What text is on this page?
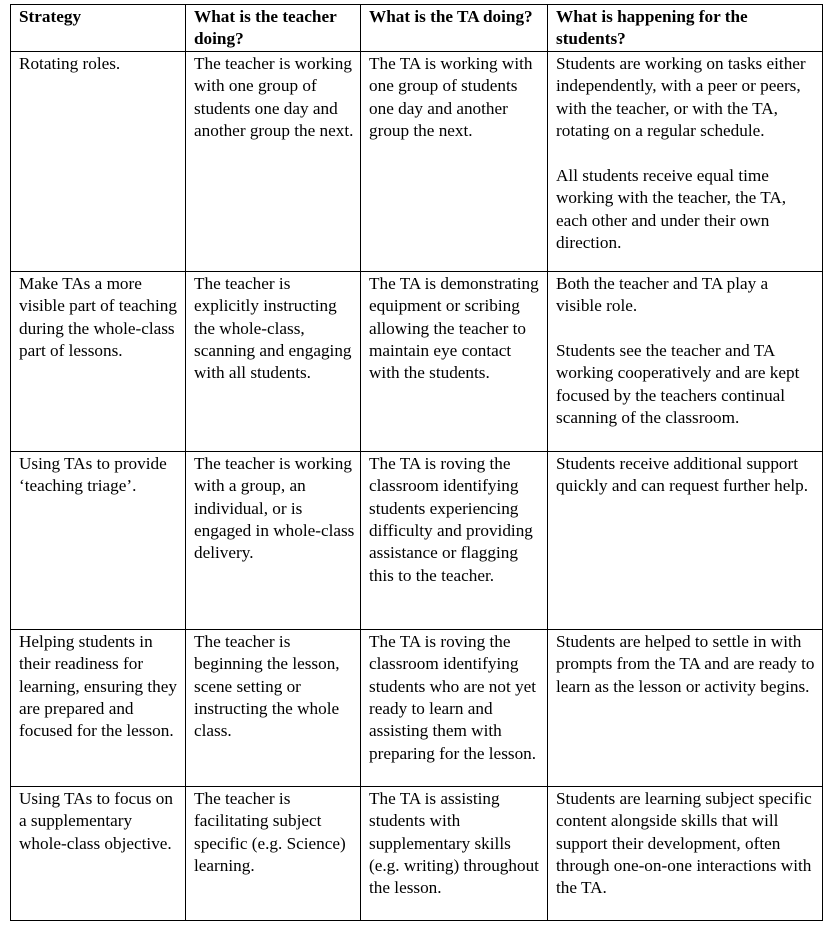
Strategy	What is the teacher doing?	What is the TA doing?	What is happening for the students?
Rotating roles.	The teacher is working with one group of students one day and another group the next.	The TA is working with one group of students one day and another group the next.	Students are working on tasks either independently, with a peer or peers, with the teacher, or with the TA, rotating on a regular schedule.

All students receive equal time working with the teacher, the TA, each other and under their own direction.

Make TAs a more visible part of teaching during the whole-class part of lessons.	The teacher is explicitly instructing the whole-class, scanning and engaging with all students.	The TA is demonstrating equipment or scribing allowing the teacher to maintain eye contact with the students.	Both the teacher and TA play a visible role.

Students see the teacher and TA working cooperatively and are kept focused by the teachers continual scanning of the classroom.

Using TAs to provide ‘teaching triage’.	The teacher is working with a group, an individual, or is engaged in whole-class delivery.	The TA is roving the classroom identifying students experiencing difficulty and providing assistance or flagging this to the teacher.	Students receive additional support quickly and can request further help.

Helping students in their readiness for learning, ensuring they are prepared and focused for the lesson.	The teacher is beginning the lesson, scene setting or instructing the whole class.	The TA is roving the classroom identifying students who are not yet ready to learn and assisting them with preparing for the lesson.	Students are helped to settle in with prompts from the TA and are ready to learn as the lesson or activity begins.

Using TAs to focus on a supplementary whole-class objective.	The teacher is facilitating subject specific (e.g. Science) learning.	The TA is assisting students with supplementary skills (e.g. writing) throughout the lesson.	Students are learning subject specific content alongside skills that will support their development, often through one-on-one interactions with the TA.
